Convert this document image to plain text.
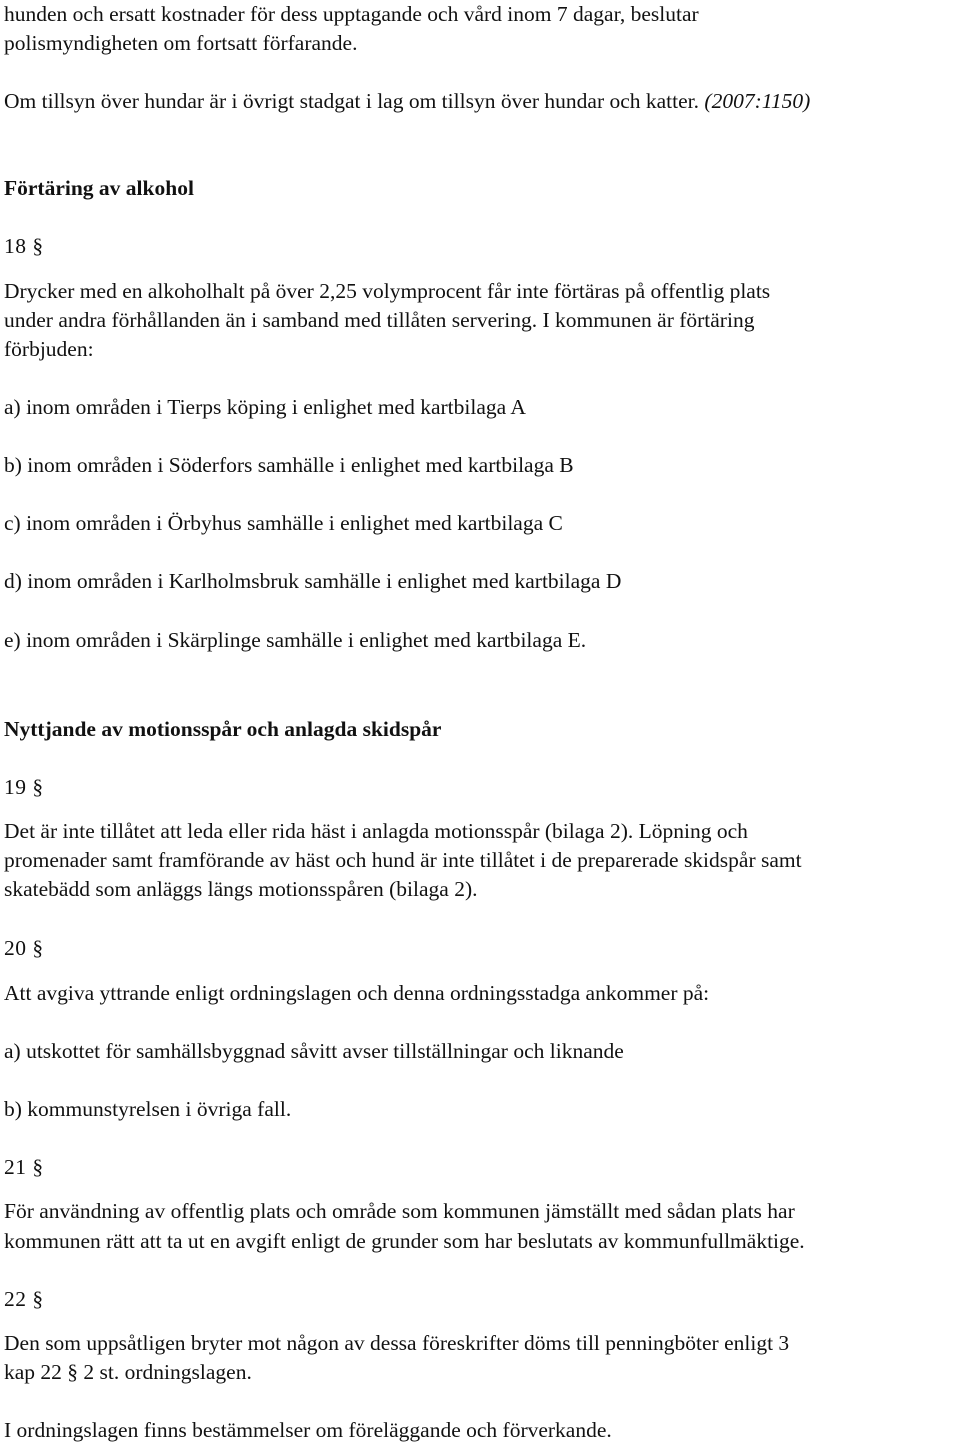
hunden och ersatt kostnader för dess upptagande och vård inom 7 dagar, beslutar

polismyndigheten om fortsatt förfarande.

Om tillsyn över hundar är i övrigt stadgat i lag om tillsyn över hundar och katter. (2007:1150)

Förtäring av alkohol

18 §

Drycker med en alkoholhalt på över 2,25 volymprocent får inte förtäras på offentlig plats

under andra förhållanden än i samband med tillåten servering. I kommunen är förtäring

förbjuden:

a) inom områden i Tierps köping i enlighet med kartbilaga A

b) inom områden i Söderfors samhälle i enlighet med kartbilaga B

c) inom områden i Örbyhus samhälle i enlighet med kartbilaga C

d) inom områden i Karlholmsbruk samhälle i enlighet med kartbilaga D

e) inom områden i Skärplinge samhälle i enlighet med kartbilaga E.

Nyttjande av motionsspår och anlagda skidspår

19 §

Det är inte tillåtet att leda eller rida häst i anlagda motionsspår (bilaga 2). Löpning och

promenader samt framförande av häst och hund är inte tillåtet i de preparerade skidspår samt

skatebädd som anläggs längs motionsspåren (bilaga 2).

20 §

Att avgiva yttrande enligt ordningslagen och denna ordningsstadga ankommer på:

a) utskottet för samhällsbyggnad såvitt avser tillställningar och liknande

b) kommunstyrelsen i övriga fall.

21 §

För användning av offentlig plats och område som kommunen jämställt med sådan plats har

kommunen rätt att ta ut en avgift enligt de grunder som har beslutats av kommunfullmäktige.

22 §

Den som uppsåtligen bryter mot någon av dessa föreskrifter döms till penningböter enligt 3

kap 22 § 2 st. ordningslagen.

I ordningslagen finns bestämmelser om föreläggande och förverkande.
